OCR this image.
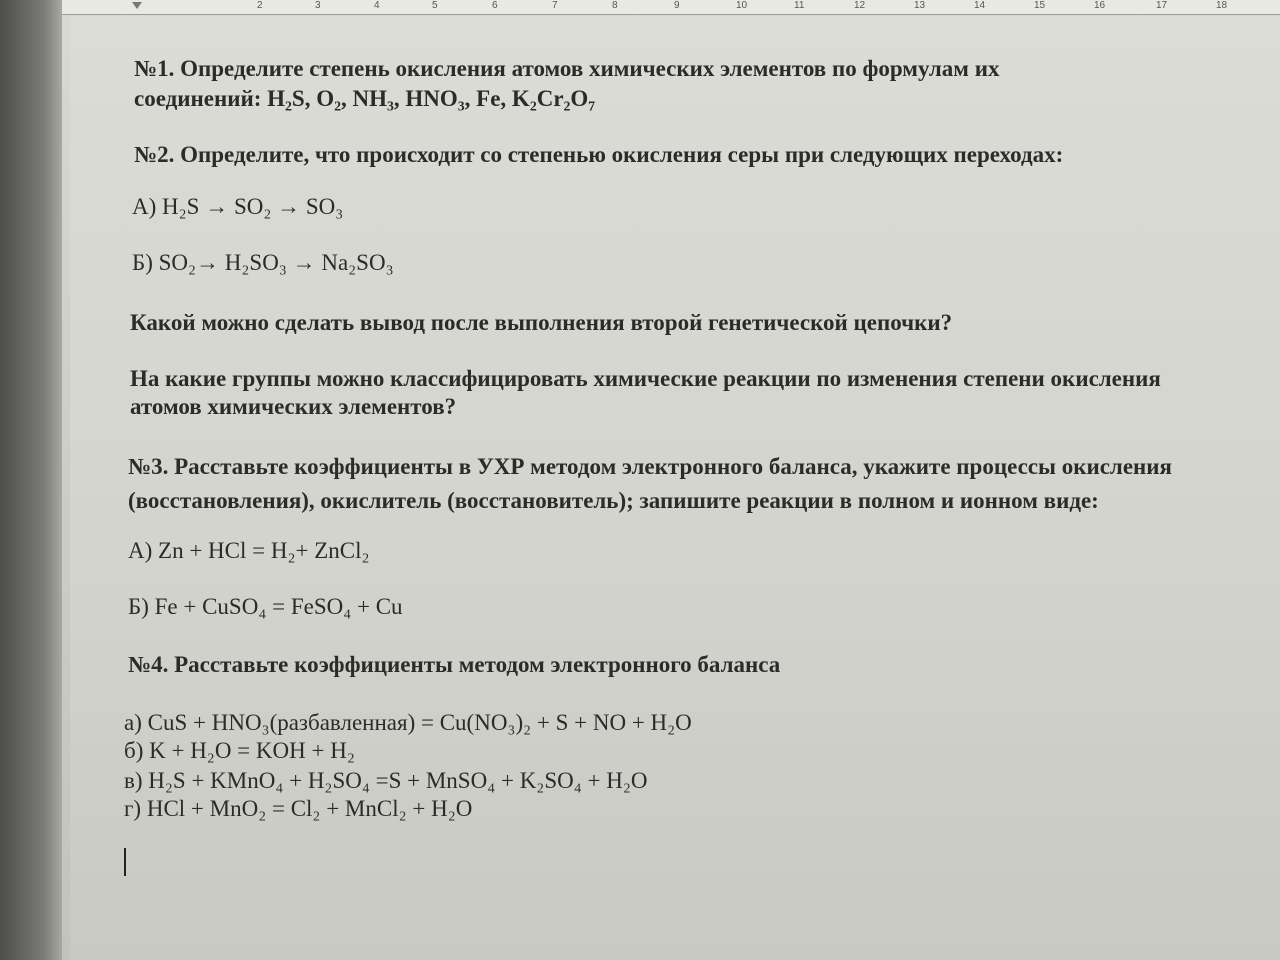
2	3	4	5	6	7	8	9	10	11	12	13	14	15	16	17	18
№1. Определите степень окисления атомов химических элементов по формулам их
соединений: H₂S, O₂, NH₃, HNO₃, Fe, K₂Cr₂O₇
№2. Определите, что происходит со степенью окисления серы при следующих переходах:
А) H₂S → SO₂ → SO₃
Б) SO₂→ H₂SO₃ → Na₂SO₃
Какой можно сделать вывод после выполнения второй генетической цепочки?
На какие группы можно классифицировать химические реакции по изменения степени окисления
атомов химических элементов?
№3. Расставьте коэффициенты в УХР методом электронного баланса, укажите процессы окисления
(восстановления), окислитель (восстановитель); запишите реакции в полном и ионном виде:
А) Zn + HCl = H₂+ ZnCl₂
Б) Fe + CuSO₄ = FeSO₄ + Cu
№4. Расставьте коэффициенты методом электронного баланса
а) CuS + HNO₃(разбавленная) = Cu(NO₃)₂ + S + NO + H₂O
б) K + H₂O = KOH + H₂
в) H₂S + KMnO₄ + H₂SO₄ =S + MnSO₄ + K₂SO₄ + H₂O
г) HCl + MnO₂ = Cl₂ + MnCl₂ + H₂O
